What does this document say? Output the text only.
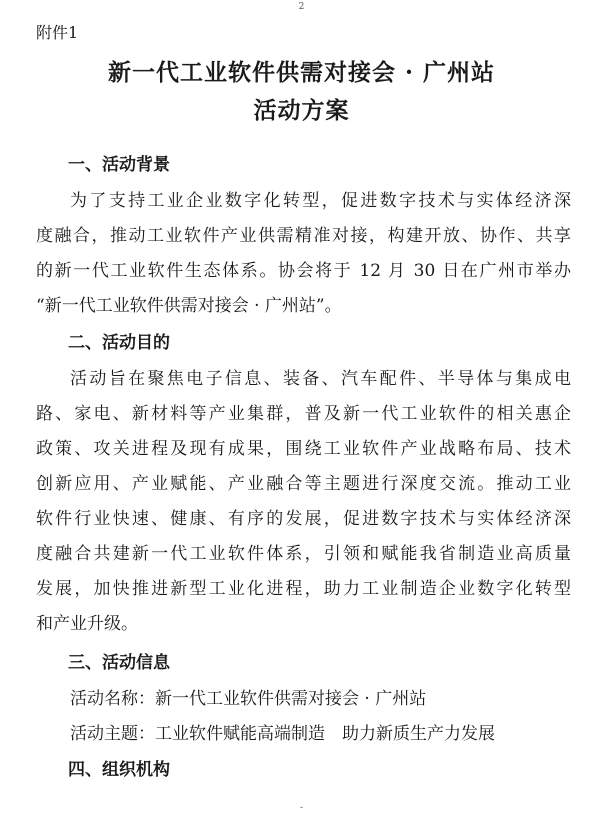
2
附件1
新一代工业软件供需对接会 · 广州站
活动方案
一、活动背景
为了支持工业企业数字化转型，促进数字技术与实体经济深
度融合，推动工业软件产业供需精准对接，构建开放、协作、共享
的新一代工业软件生态体系。协会将于 12 月 30 日在广州市举办
“新一代工业软件供需对接会 · 广州站”。
二、活动目的
活动旨在聚焦电子信息、装备、汽车配件、半导体与集成电
路、家电、新材料等产业集群，普及新一代工业软件的相关惠企
政策、攻关进程及现有成果，围绕工业软件产业战略布局、技术
创新应用、产业赋能、产业融合等主题进行深度交流。推动工业
软件行业快速、健康、有序的发展，促进数字技术与实体经济深
度融合共建新一代工业软件体系，引领和赋能我省制造业高质量
发展，加快推进新型工业化进程，助力工业制造企业数字化转型
和产业升级。
三、活动信息
活动名称：新一代工业软件供需对接会 · 广州站
活动主题：工业软件赋能高端制造　助力新质生产力发展
四、组织机构
-
